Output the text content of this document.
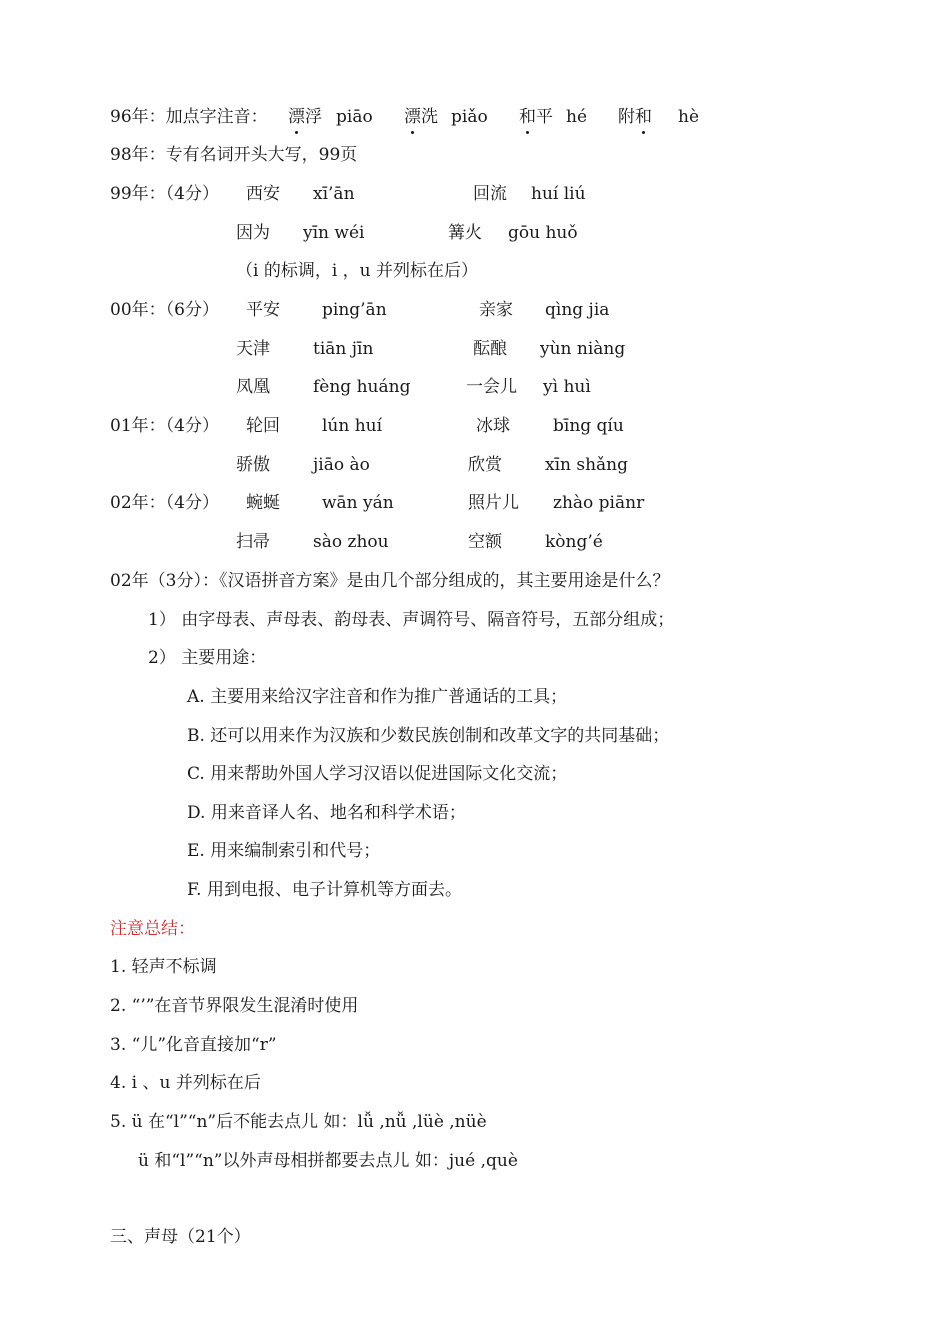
96年：加点字注音： 漂浮 piāo 漂洗 piǎo 和平 hé 附和 hè
98年：专有名词开头大写，99页
99年：（4分） 西安 xī’ān	回流 huí liú
因为 yīn wéi	篝火 gōu huǒ
（i 的标调，i ，u 并列标在后）
00年：（6分） 平安 ping’ān	亲家 qìng jia
天津	tiān jīn	酝酿 yùn niàng
凤凰	fèng huáng	一会儿 yì huì
01年：（4分） 轮回 lún huí	冰球	bīng qíu
骄傲	jiāo ào	欣赏	xīn shǎng
02年：（4分） 蜿蜒 wān yán	照片儿 zhào piānr
扫帚	sào zhou	空额	kòng’é
02年（3分）：《汉语拼音方案》是由几个部分组成的，其主要用途是什么？
1） 由字母表、声母表、韵母表、声调符号、隔音符号，五部分组成；
2） 主要用途：
A. 主要用来给汉字注音和作为推广普通话的工具；
B. 还可以用来作为汉族和少数民族创制和改革文字的共同基础；
C. 用来帮助外国人学习汉语以促进国际文化交流；
D. 用来音译人名、地名和科学术语；
E. 用来编制索引和代号；
F. 用到电报、电子计算机等方面去。
注意总结：
1. 轻声不标调
2. “’”在音节界限发生混淆时使用
3. “儿”化音直接加“r”
4. i 、u 并列标在后
5. ü 在“l”“n”后不能去点儿 如：lǚ ,nǚ ,lüè ,nüè
ü 和“l”“n”以外声母相拼都要去点儿 如：jué ,què
三、声母（21个）
